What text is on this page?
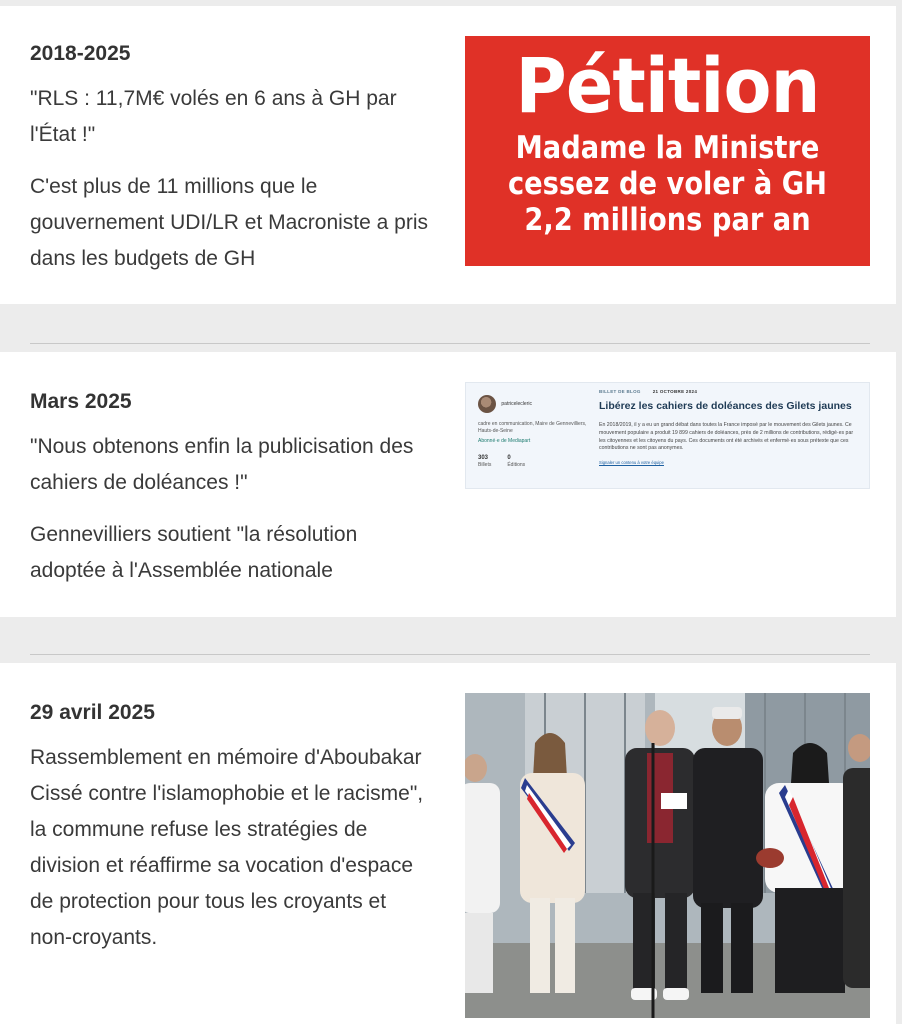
2018-2025

"RLS : 11,7M€ volés en 6 ans à GH par l'État !"

C'est plus de 11 millions que le gouvernement UDI/LR et Macroniste a pris dans les budgets de GH

Pétition
Madame la Ministre
cessez de voler à GH
2,2 millions par an
Mars 2025

"Nous obtenons enfin la publicisation des cahiers de doléances !"

Gennevilliers soutient "la résolution adoptée à l'Assemblée nationale

patricelecleric
cadre en communication, Maire de Gennevilliers, Hauts-de-Seine
Abonné·e de Mediapart
303
Billets
0
Éditions
BILLET DE BLOG	21 OCTOBRE 2024
Libérez les cahiers de doléances des Gilets jaunes
En 2018/2019, il y a eu un grand débat dans toutes la France imposé par le mouvement des Gilets jaunes. Ce mouvement populaire a produit 19 899 cahiers de doléances, près de 2 millions de contributions, rédigé·es par les citoyennes et les citoyens du pays. Ces documents ont été archivés et enfermé·es sous prétexte que ces contributions ne sont pas anonymes.
Signaler un contenu à votre équipe
29 avril 2025

Rassemblement en mémoire d'Aboubakar Cissé contre l'islamophobie et le racisme", la commune refuse les stratégies de division et réaffirme sa vocation d'espace de protection pour tous les croyants et non-croyants.
